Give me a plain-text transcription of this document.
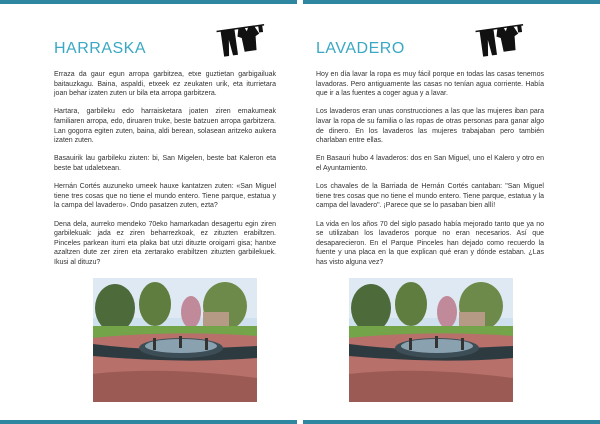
HARRASKA

Erraza da gaur egun arropa garbitzea, etxe guztietan garbigailuak baitauzkagu. Baina, aspaldi, etxeek ez zeukaten urik, eta iturrietara joan behar izaten zuten ur bila eta arropa garbitzera.

Hartara, garbileku edo harraisketara joaten ziren emakumeak familiaren arropa, edo, diruaren truke, beste batzuen arropa garbitzera. Lan gogorra egiten zuten, baina, aldi berean, solasean aritzeko aukera izaten zuten.

Basauirik lau garbileku ziuten: bi, San Migelen, beste bat Kaleron eta beste bat udaletxean.

Hernán Cortés auzuneko umeek hauxe kantatzen zuten: «San Miguel tiene tres cosas que no tiene el mundo entero. Tiene parque, estatua y la campa del lavadero». Ondo pasatzen zuten, ezta?

Dena dela, aurreko mendeko 70eko hamarkadan desagertu egin ziren garbilekuak: jada ez ziren beharrezkoak, ez zituzten erabiltzen. Pinceles parkean iturri eta plaka bat utzi dituzte oroigarri gisa; hantxe azaltzen dute zer ziren eta zertarako erabiltzen zituzten garbilekuek. Ikusi al dituzu?

LAVADERO

Hoy en día lavar la ropa es muy fácil porque en todas las casas tenemos lavadoras. Pero antiguamente las casas no tenían agua corriente. Había que ir a las fuentes a coger agua y a lavar.

Los lavaderos eran unas construcciones a las que las mujeres iban para lavar la ropa de su familia o las ropas de otras personas para ganar algo de dinero. En los lavaderos las mujeres trabajaban pero también charlaban entre ellas.

En Basauri hubo 4 lavaderos: dos en San Miguel, uno el Kalero y otro en el Ayuntamiento.

Los chavales de la Barriada de Hernán Cortés cantaban: "San Miguel tiene tres cosas que no tiene el mundo entero. Tiene parque, estatua y la campa del lavadero". ¡Parece que se lo pasaban bien allí!

La vida en los años 70 del siglo pasado había mejorado tanto que ya no se utilizaban los lavaderos porque no eran necesarios. Así que desaparecieron. En el Parque Pinceles han dejado como recuerdo la fuente y una placa en la que explican qué eran y dónde estaban. ¿Las has visto alguna vez?
